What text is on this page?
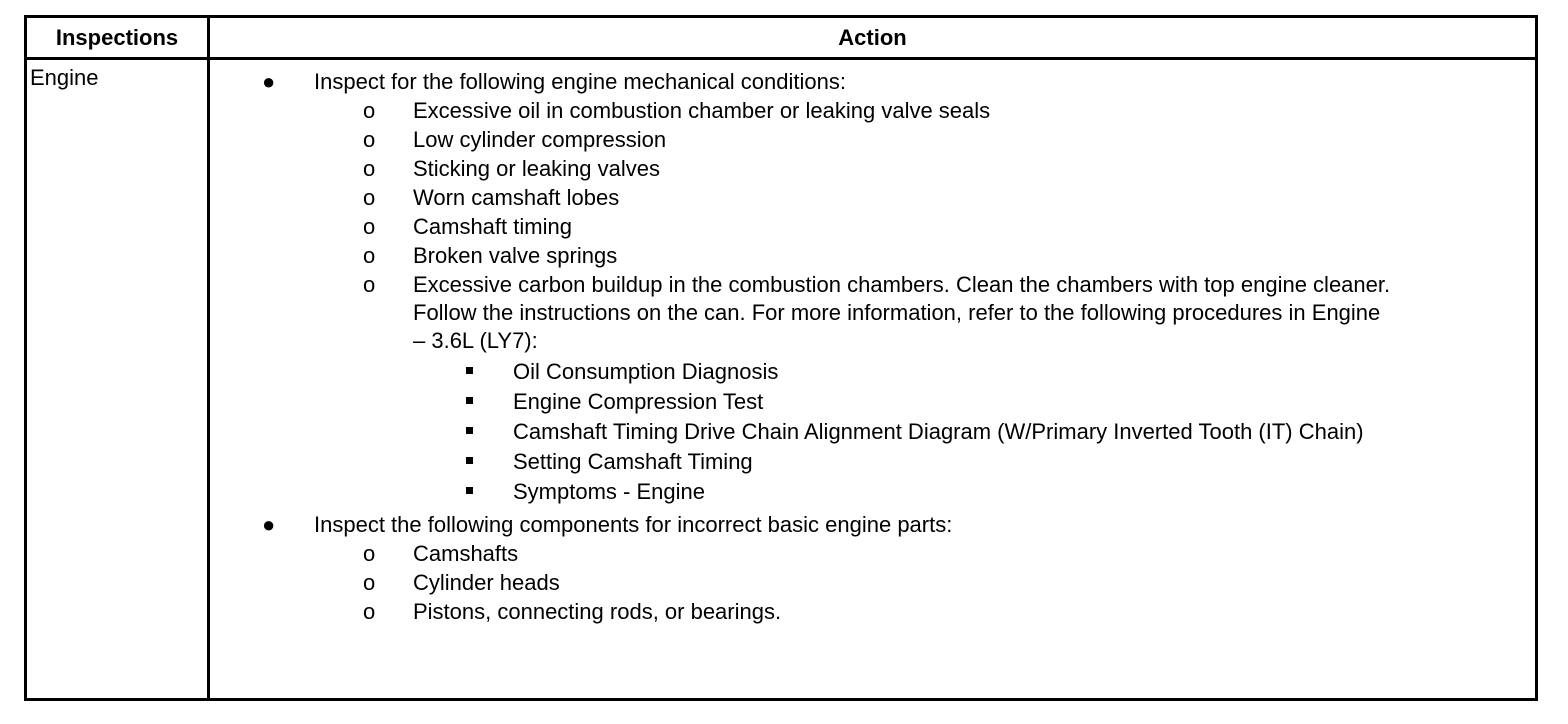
Inspections	Action
Engine	● Inspect for the following engine mechanical conditions:
o Excessive oil in combustion chamber or leaking valve seals
o Low cylinder compression
o Sticking or leaking valves
o Worn camshaft lobes
o Camshaft timing
o Broken valve springs
o Excessive carbon buildup in the combustion chambers. Clean the chambers with top engine cleaner.
Follow the instructions on the can. For more information, refer to the following procedures in Engine
– 3.6L (LY7):
Oil Consumption Diagnosis
Engine Compression Test
Camshaft Timing Drive Chain Alignment Diagram (W/Primary Inverted Tooth (IT) Chain)
Setting Camshaft Timing
Symptoms - Engine
● Inspect the following components for incorrect basic engine parts:
o Camshafts
o Cylinder heads
o Pistons, connecting rods, or bearings.
